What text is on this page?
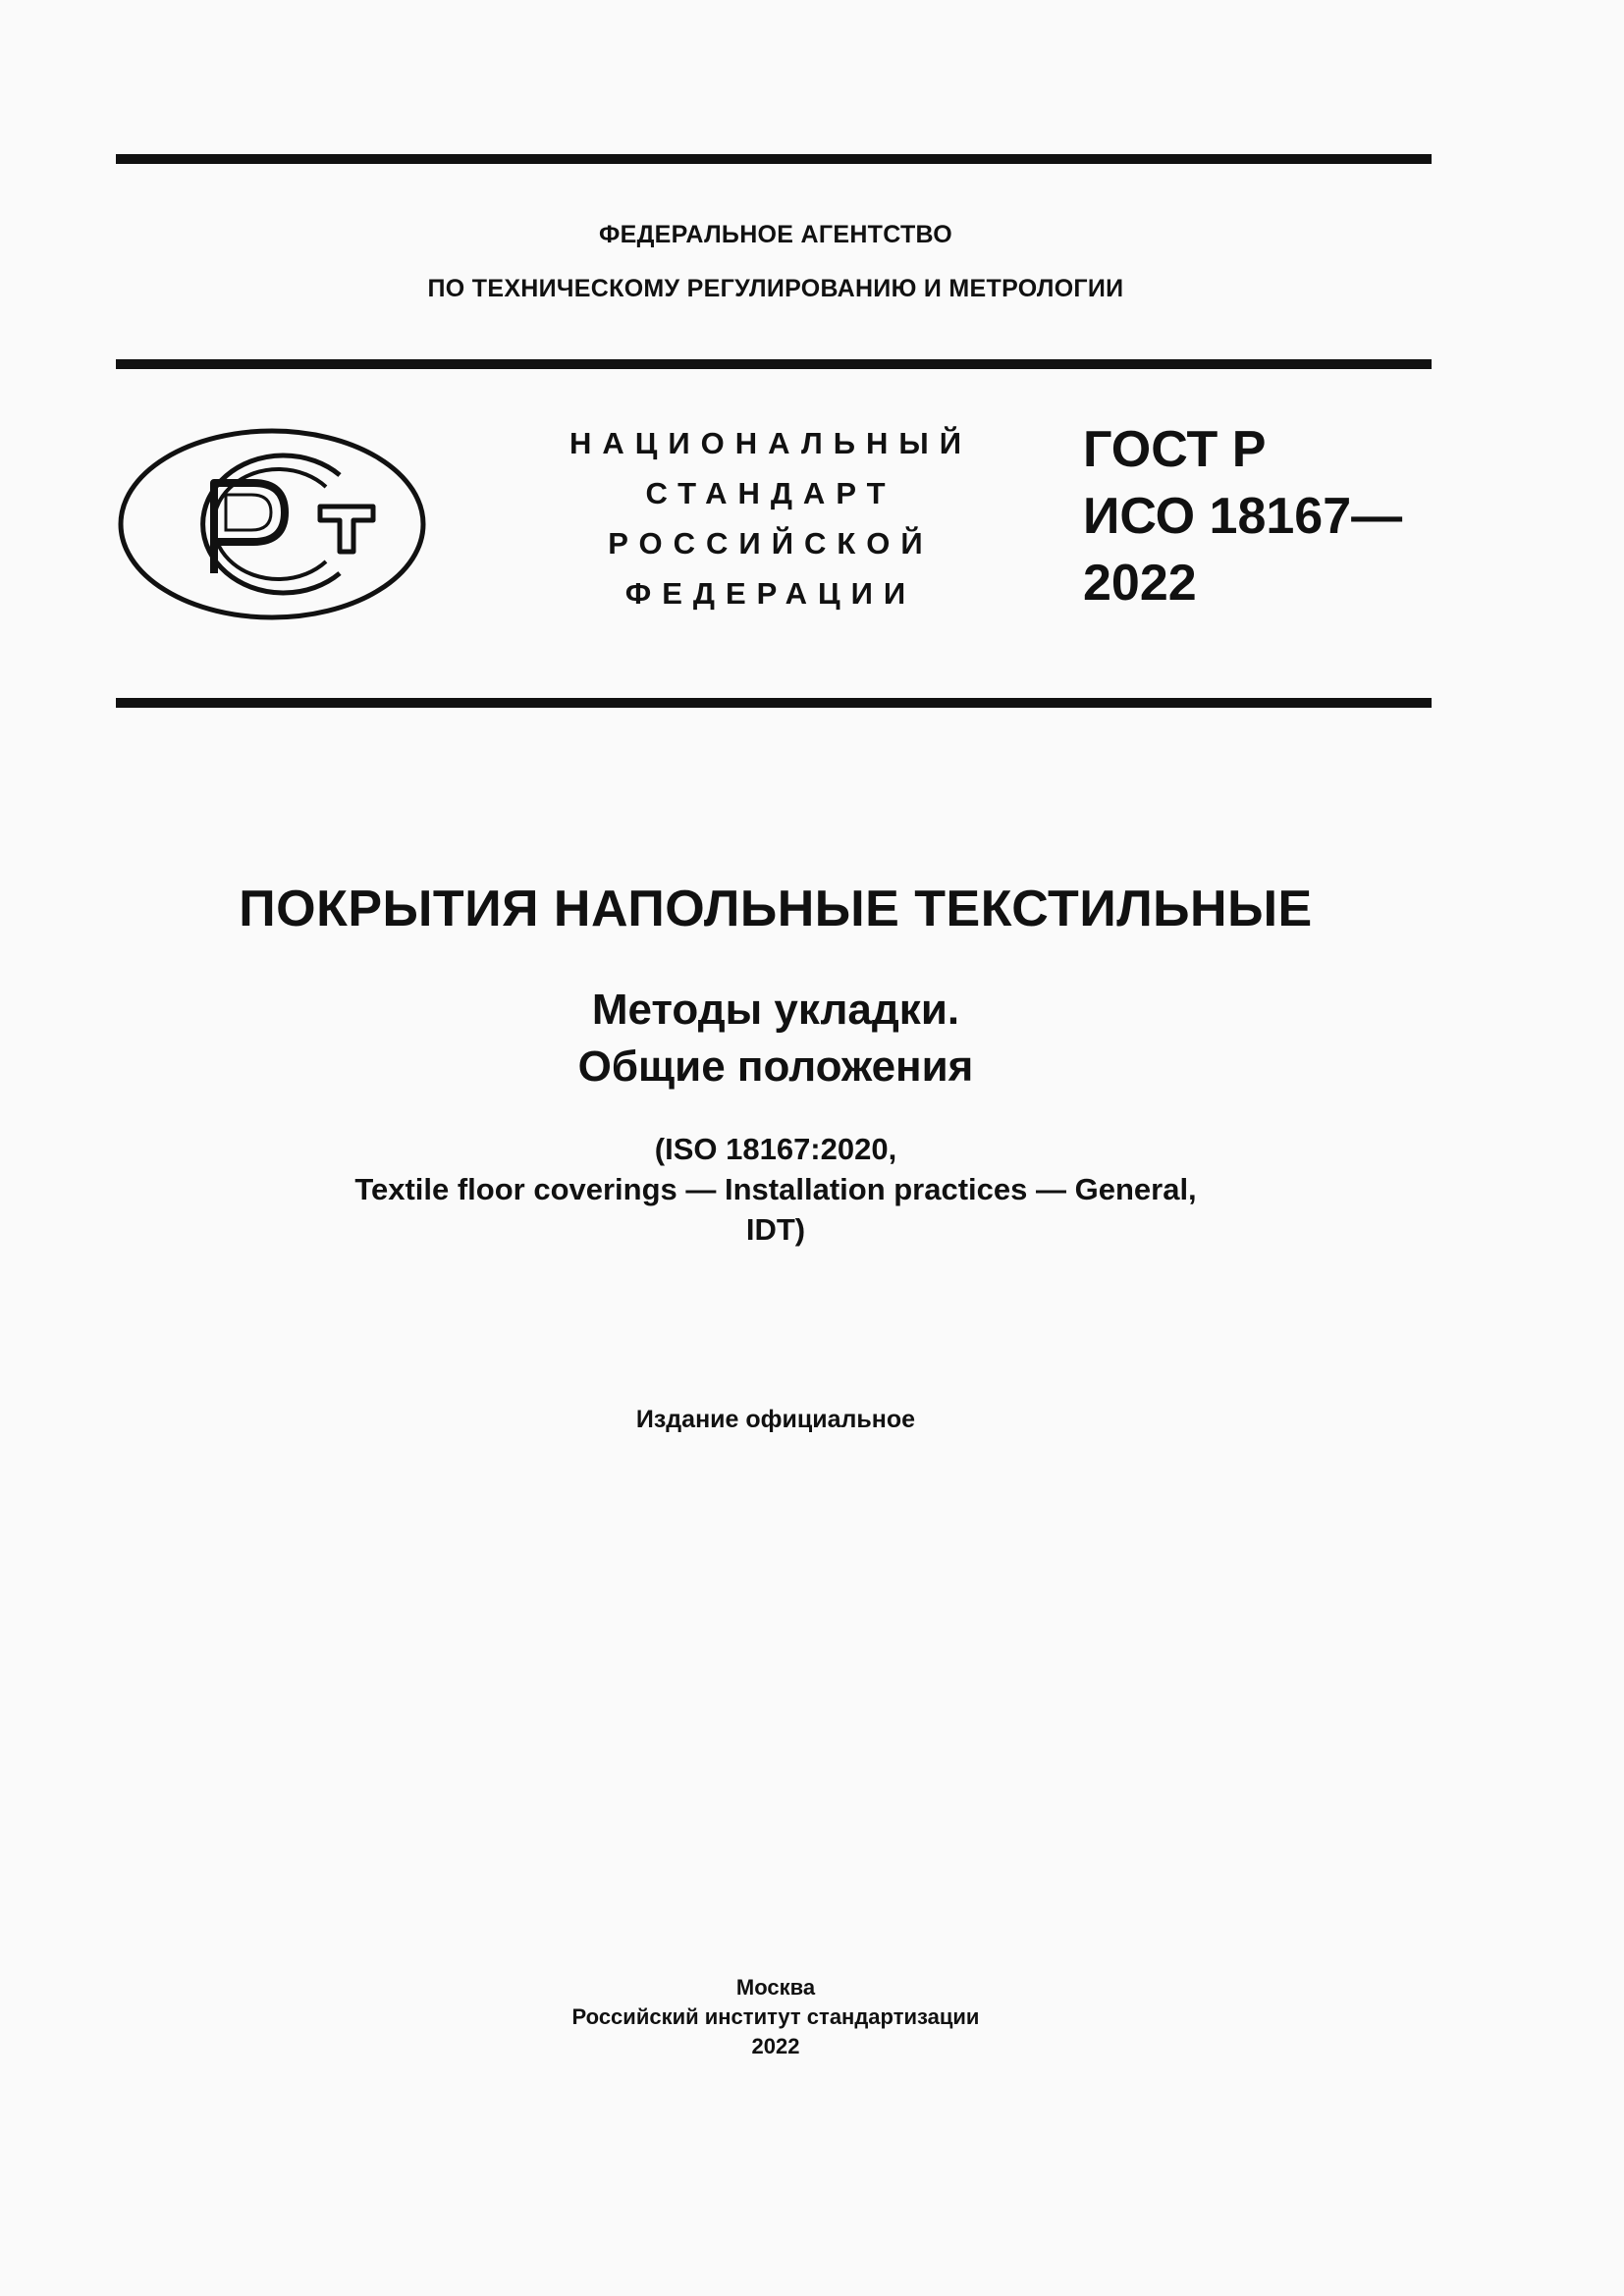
ФЕДЕРАЛЬНОЕ АГЕНТСТВО
ПО ТЕХНИЧЕСКОМУ РЕГУЛИРОВАНИЮ И МЕТРОЛОГИИ
НАЦИОНАЛЬНЫЙ
СТАНДАРТ
РОССИЙСКОЙ
ФЕДЕРАЦИИ
ГОСТ Р
ИСО 18167—
2022
ПОКРЫТИЯ НАПОЛЬНЫЕ ТЕКСТИЛЬНЫЕ
Методы укладки.
Общие положения
(ISO 18167:2020,
Textile floor coverings — Installation practices — General,
IDT)
Издание официальное
Москва
Российский институт стандартизации
2022
